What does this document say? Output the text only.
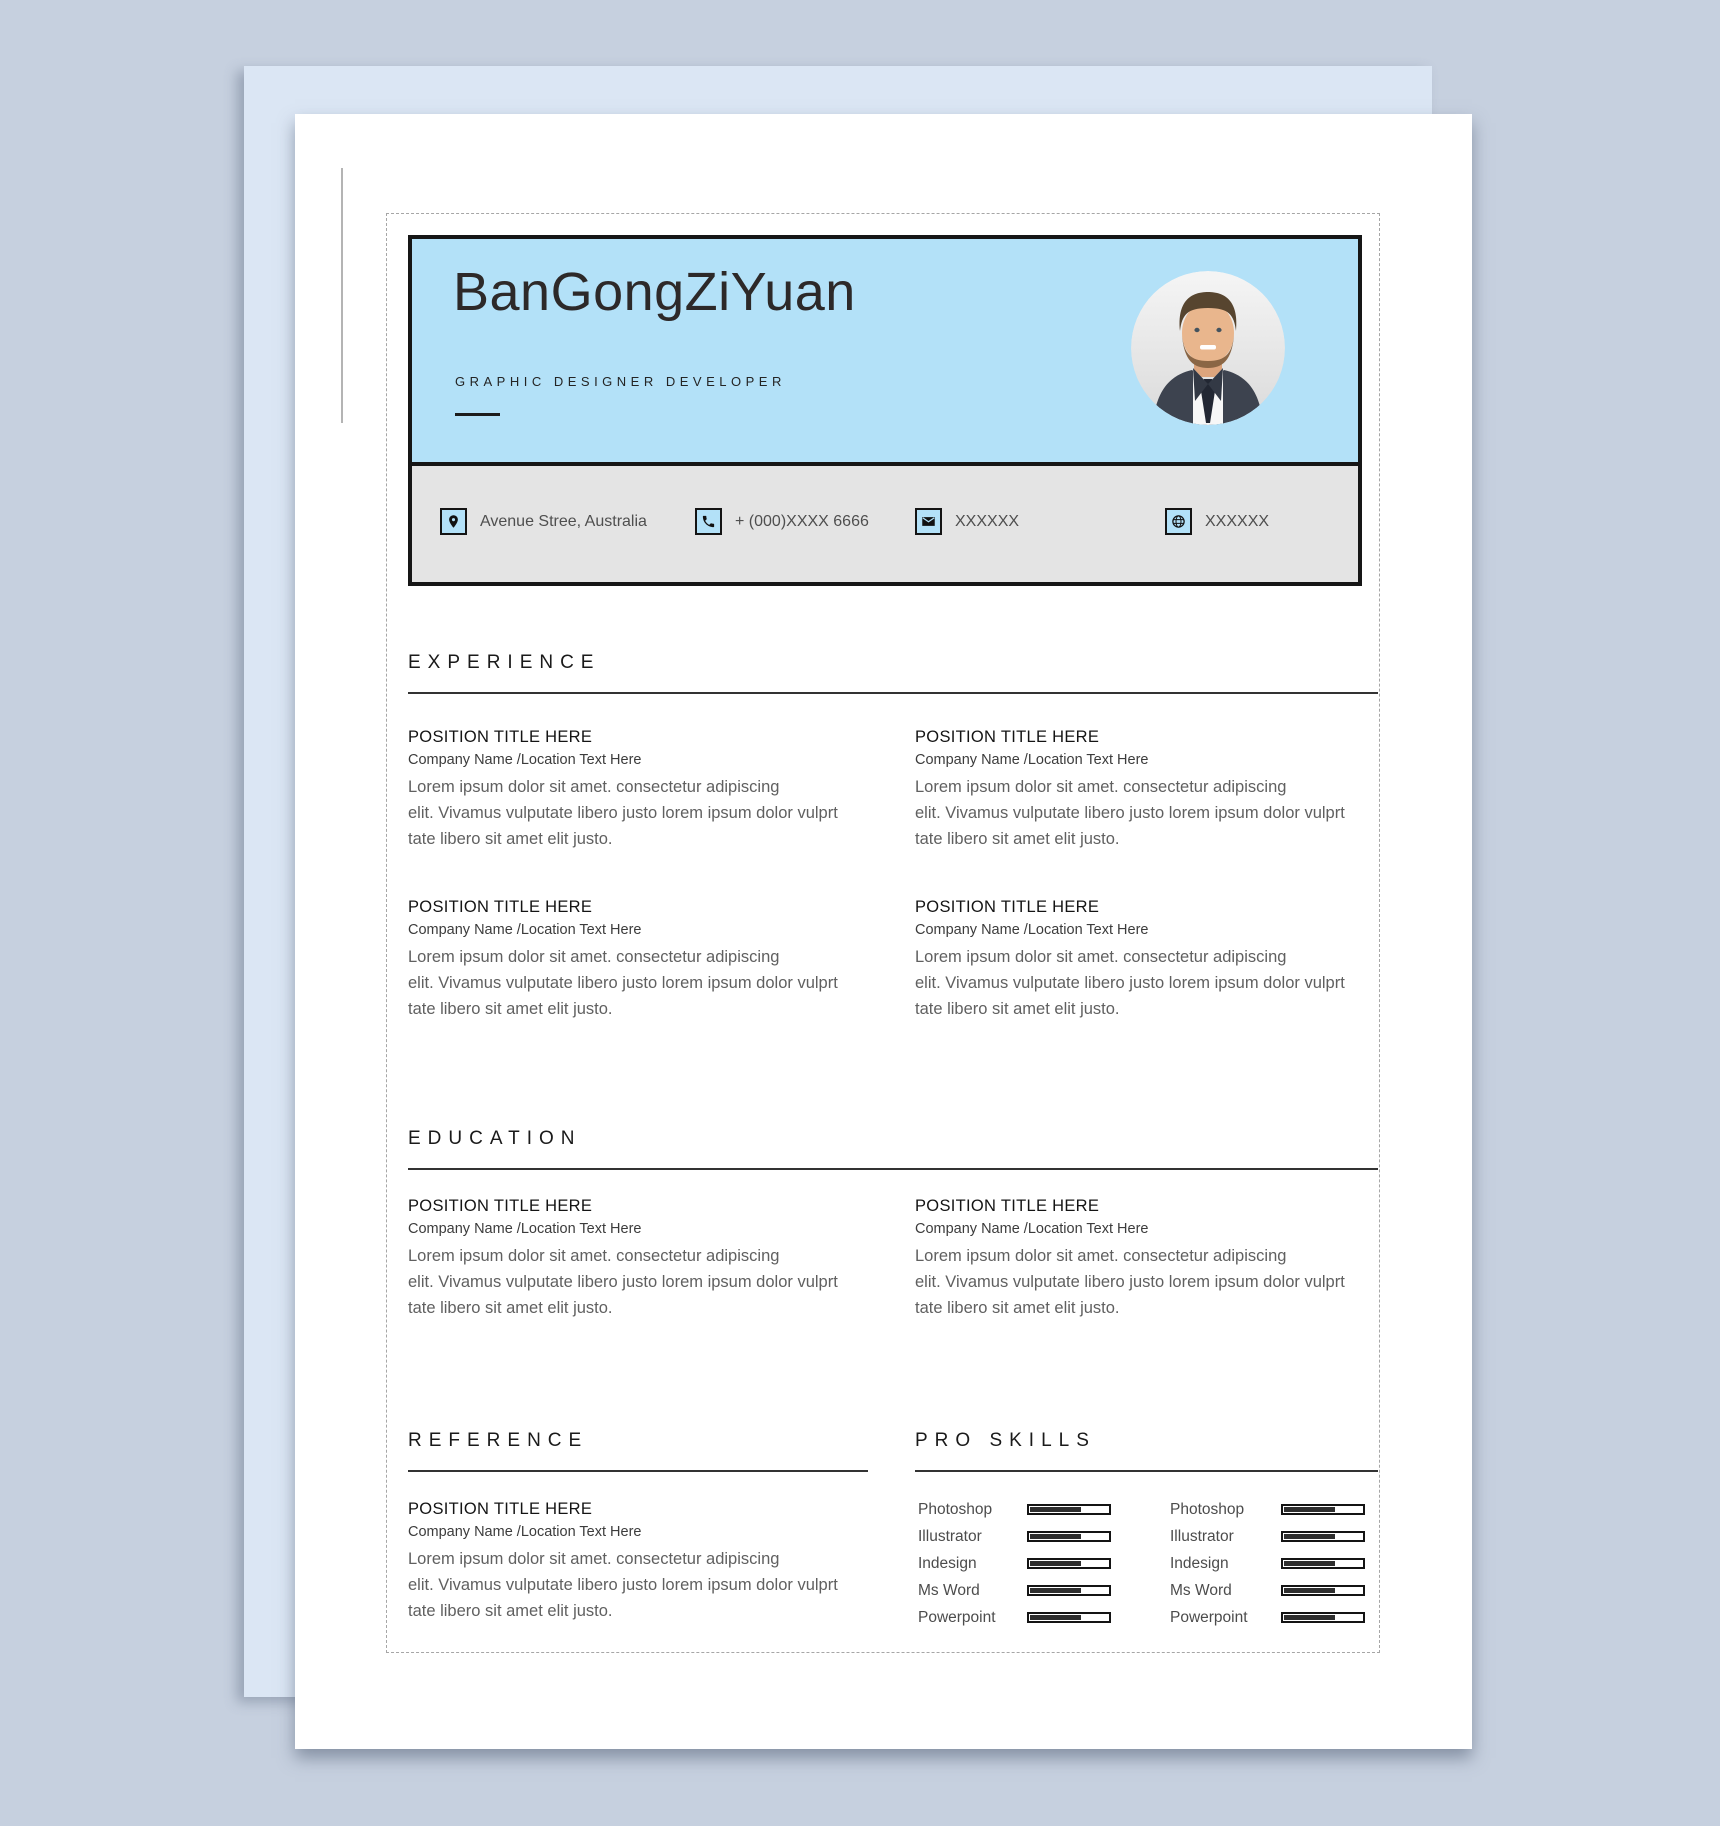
BanGongZiYuan
GRAPHIC DESIGNER DEVELOPER
Avenue Stree, Australia	+ (000)XXXX 6666	XXXXXX	XXXXXX
EXPERIENCE
POSITION TITLE HERE
Company Name /Location Text Here
Lorem ipsum dolor sit amet. consectetur adipiscing
elit. Vivamus vulputate libero justo lorem ipsum dolor vulprt
tate libero sit amet elit justo.
POSITION TITLE HERE
Company Name /Location Text Here
Lorem ipsum dolor sit amet. consectetur adipiscing
elit. Vivamus vulputate libero justo lorem ipsum dolor vulprt
tate libero sit amet elit justo.
POSITION TITLE HERE
Company Name /Location Text Here
Lorem ipsum dolor sit amet. consectetur adipiscing
elit. Vivamus vulputate libero justo lorem ipsum dolor vulprt
tate libero sit amet elit justo.
POSITION TITLE HERE
Company Name /Location Text Here
Lorem ipsum dolor sit amet. consectetur adipiscing
elit. Vivamus vulputate libero justo lorem ipsum dolor vulprt
tate libero sit amet elit justo.
EDUCATION
POSITION TITLE HERE
Company Name /Location Text Here
Lorem ipsum dolor sit amet. consectetur adipiscing
elit. Vivamus vulputate libero justo lorem ipsum dolor vulprt
tate libero sit amet elit justo.
POSITION TITLE HERE
Company Name /Location Text Here
Lorem ipsum dolor sit amet. consectetur adipiscing
elit. Vivamus vulputate libero justo lorem ipsum dolor vulprt
tate libero sit amet elit justo.
REFERENCE	PRO SKILLS
POSITION TITLE HERE
Company Name /Location Text Here
Lorem ipsum dolor sit amet. consectetur adipiscing
elit. Vivamus vulputate libero justo lorem ipsum dolor vulprt
tate libero sit amet elit justo.
Photoshop
Illustrator
Indesign
Ms Word
Powerpoint
Photoshop
Illustrator
Indesign
Ms Word
Powerpoint
